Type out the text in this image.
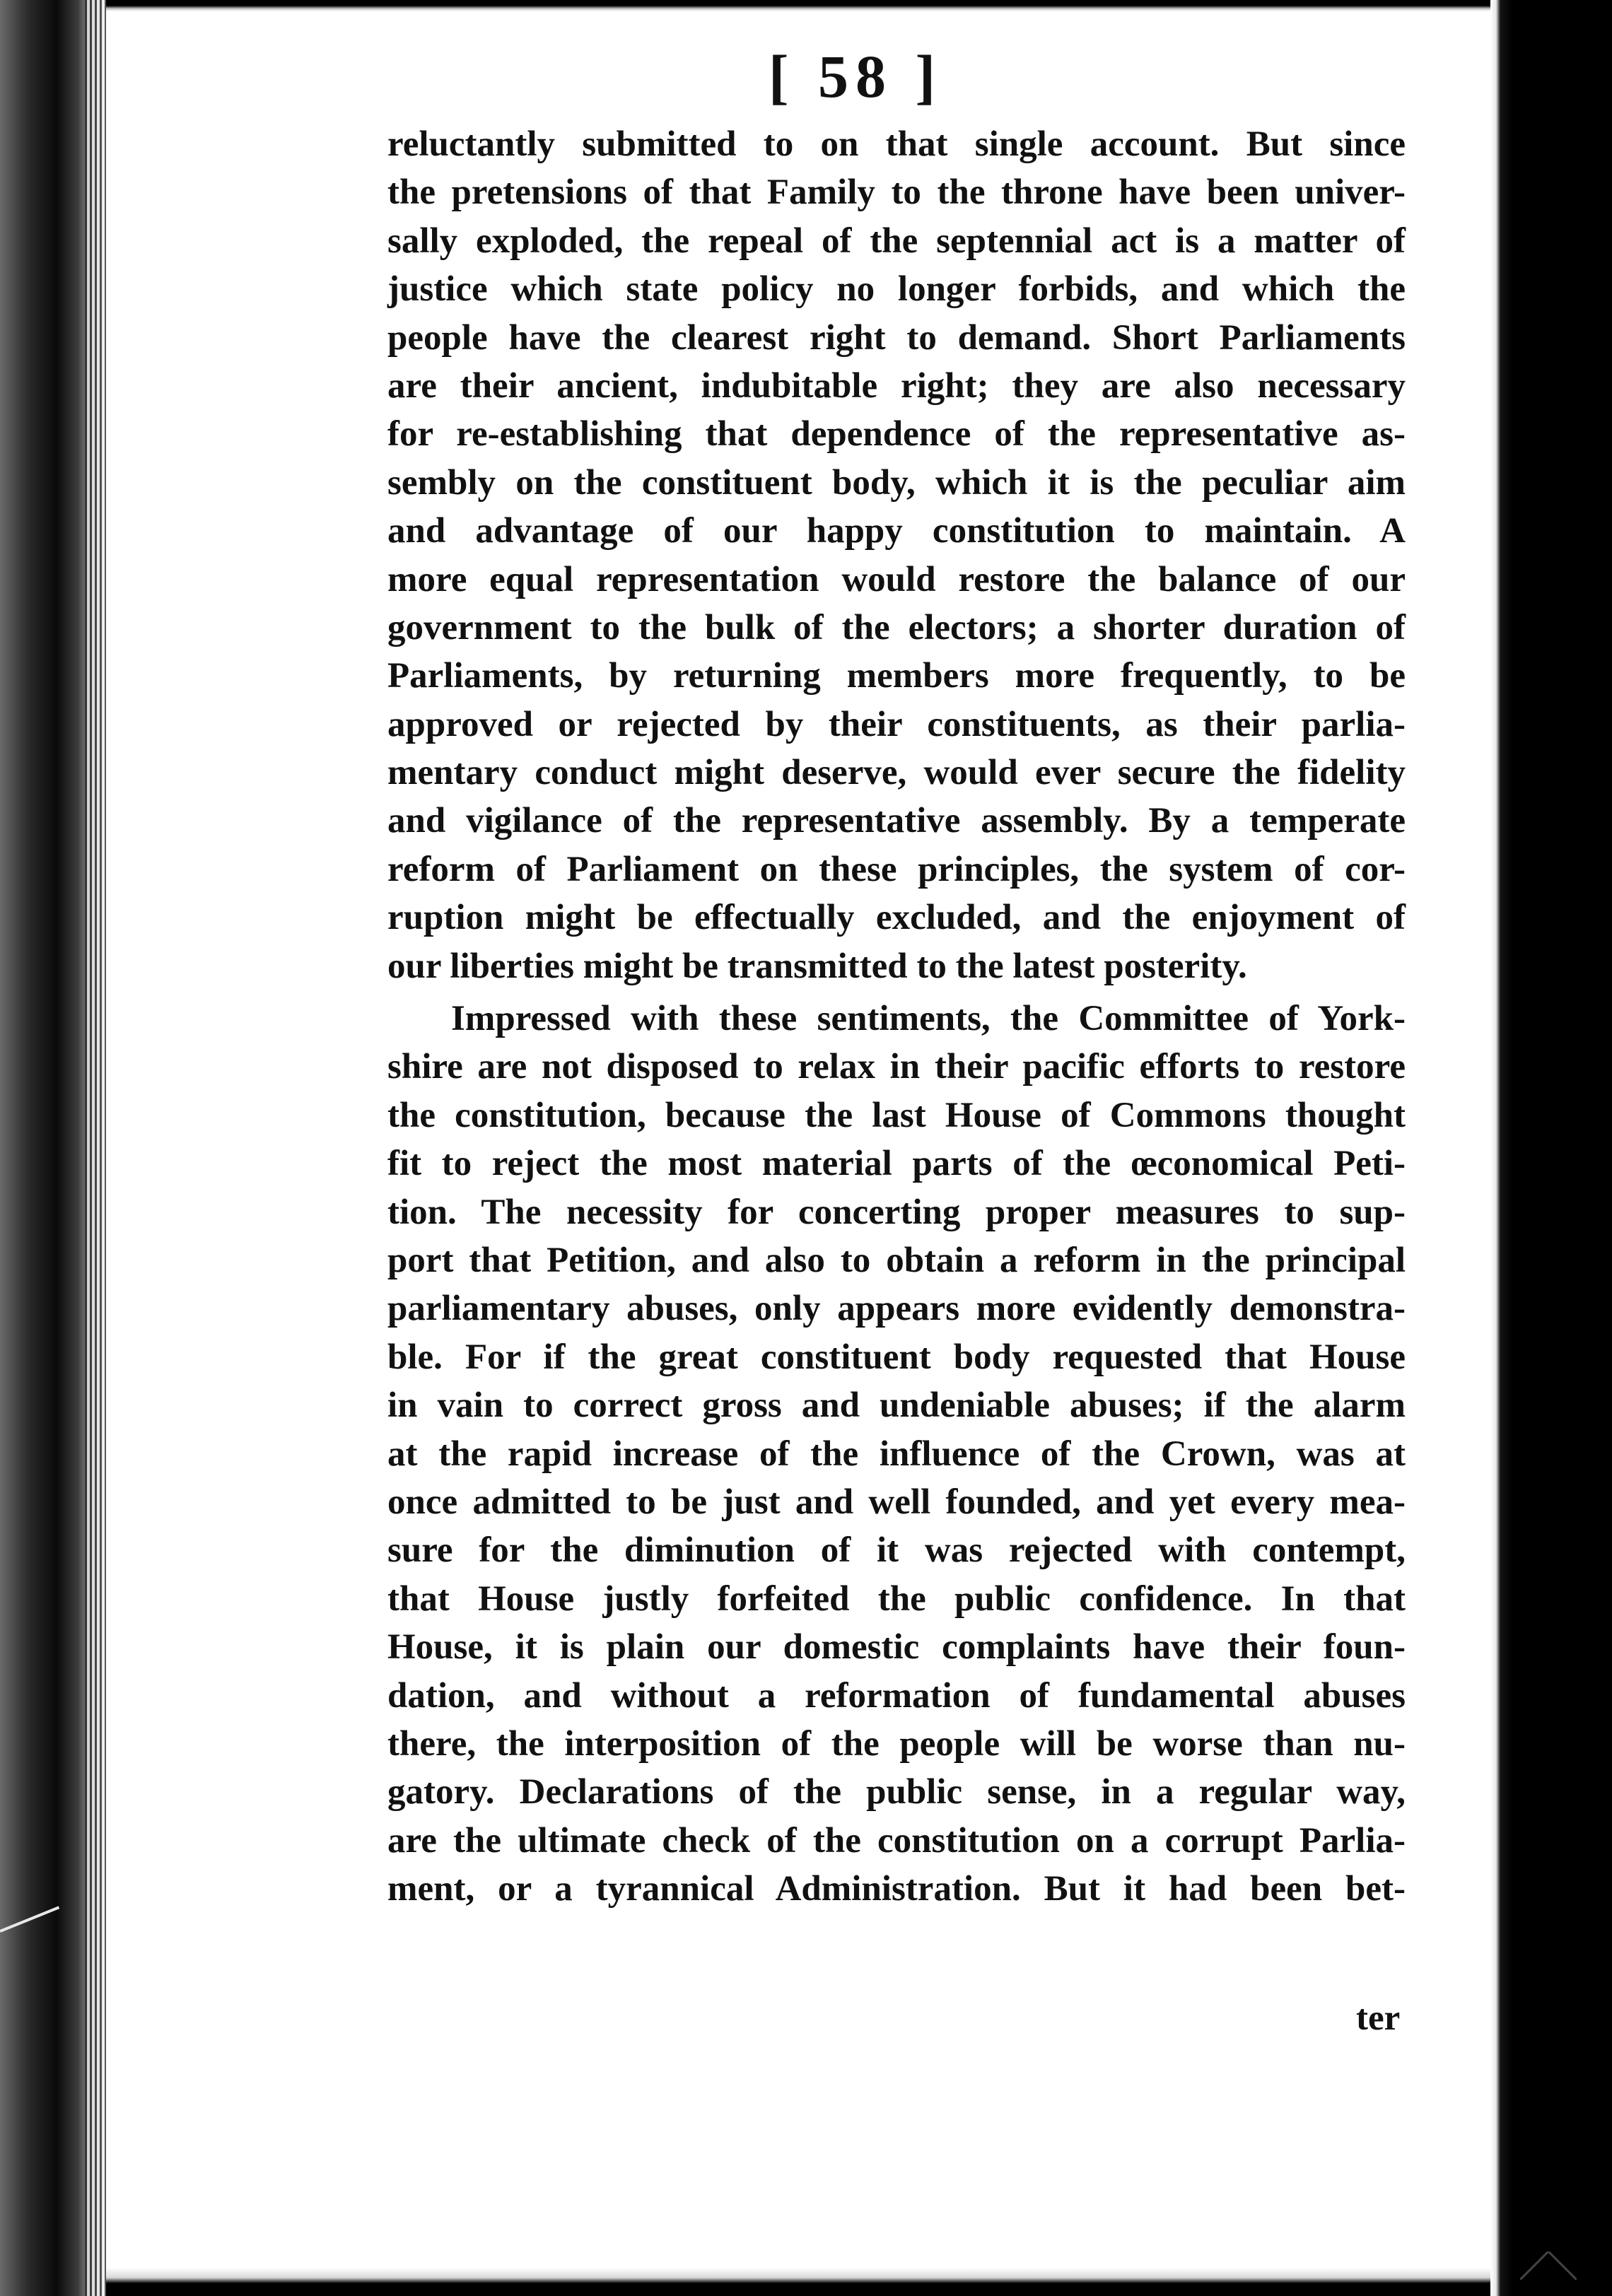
[ 58 ]
reluctantly submitted to on that single account. But since
the pretensions of that Family to the throne have been univer-
sally exploded, the repeal of the septennial act is a matter of
justice which state policy no longer forbids, and which the
people have the clearest right to demand. Short Parliaments
are their ancient, indubitable right; they are also necessary
for re-establishing that dependence of the representative as-
sembly on the constituent body, which it is the peculiar aim
and advantage of our happy constitution to maintain. A
more equal representation would restore the balance of our
government to the bulk of the electors; a shorter duration of
Parliaments, by returning members more frequently, to be
approved or rejected by their constituents, as their parlia-
mentary conduct might deserve, would ever secure the fidelity
and vigilance of the representative assembly. By a temperate
reform of Parliament on these principles, the system of cor-
ruption might be effectually excluded, and the enjoyment of
our liberties might be transmitted to the latest posterity.
Impressed with these sentiments, the Committee of York-
shire are not disposed to relax in their pacific efforts to restore
the constitution, because the last House of Commons thought
fit to reject the most material parts of the œconomical Peti-
tion. The necessity for concerting proper measures to sup-
port that Petition, and also to obtain a reform in the principal
parliamentary abuses, only appears more evidently demonstra-
ble. For if the great constituent body requested that House
in vain to correct gross and undeniable abuses; if the alarm
at the rapid increase of the influence of the Crown, was at
once admitted to be just and well founded, and yet every mea-
sure for the diminution of it was rejected with contempt,
that House justly forfeited the public confidence. In that
House, it is plain our domestic complaints have their foun-
dation, and without a reformation of fundamental abuses
there, the interposition of the people will be worse than nu-
gatory. Declarations of the public sense, in a regular way,
are the ultimate check of the constitution on a corrupt Parlia-
ment, or a tyrannical Administration. But it had been bet-
ter
